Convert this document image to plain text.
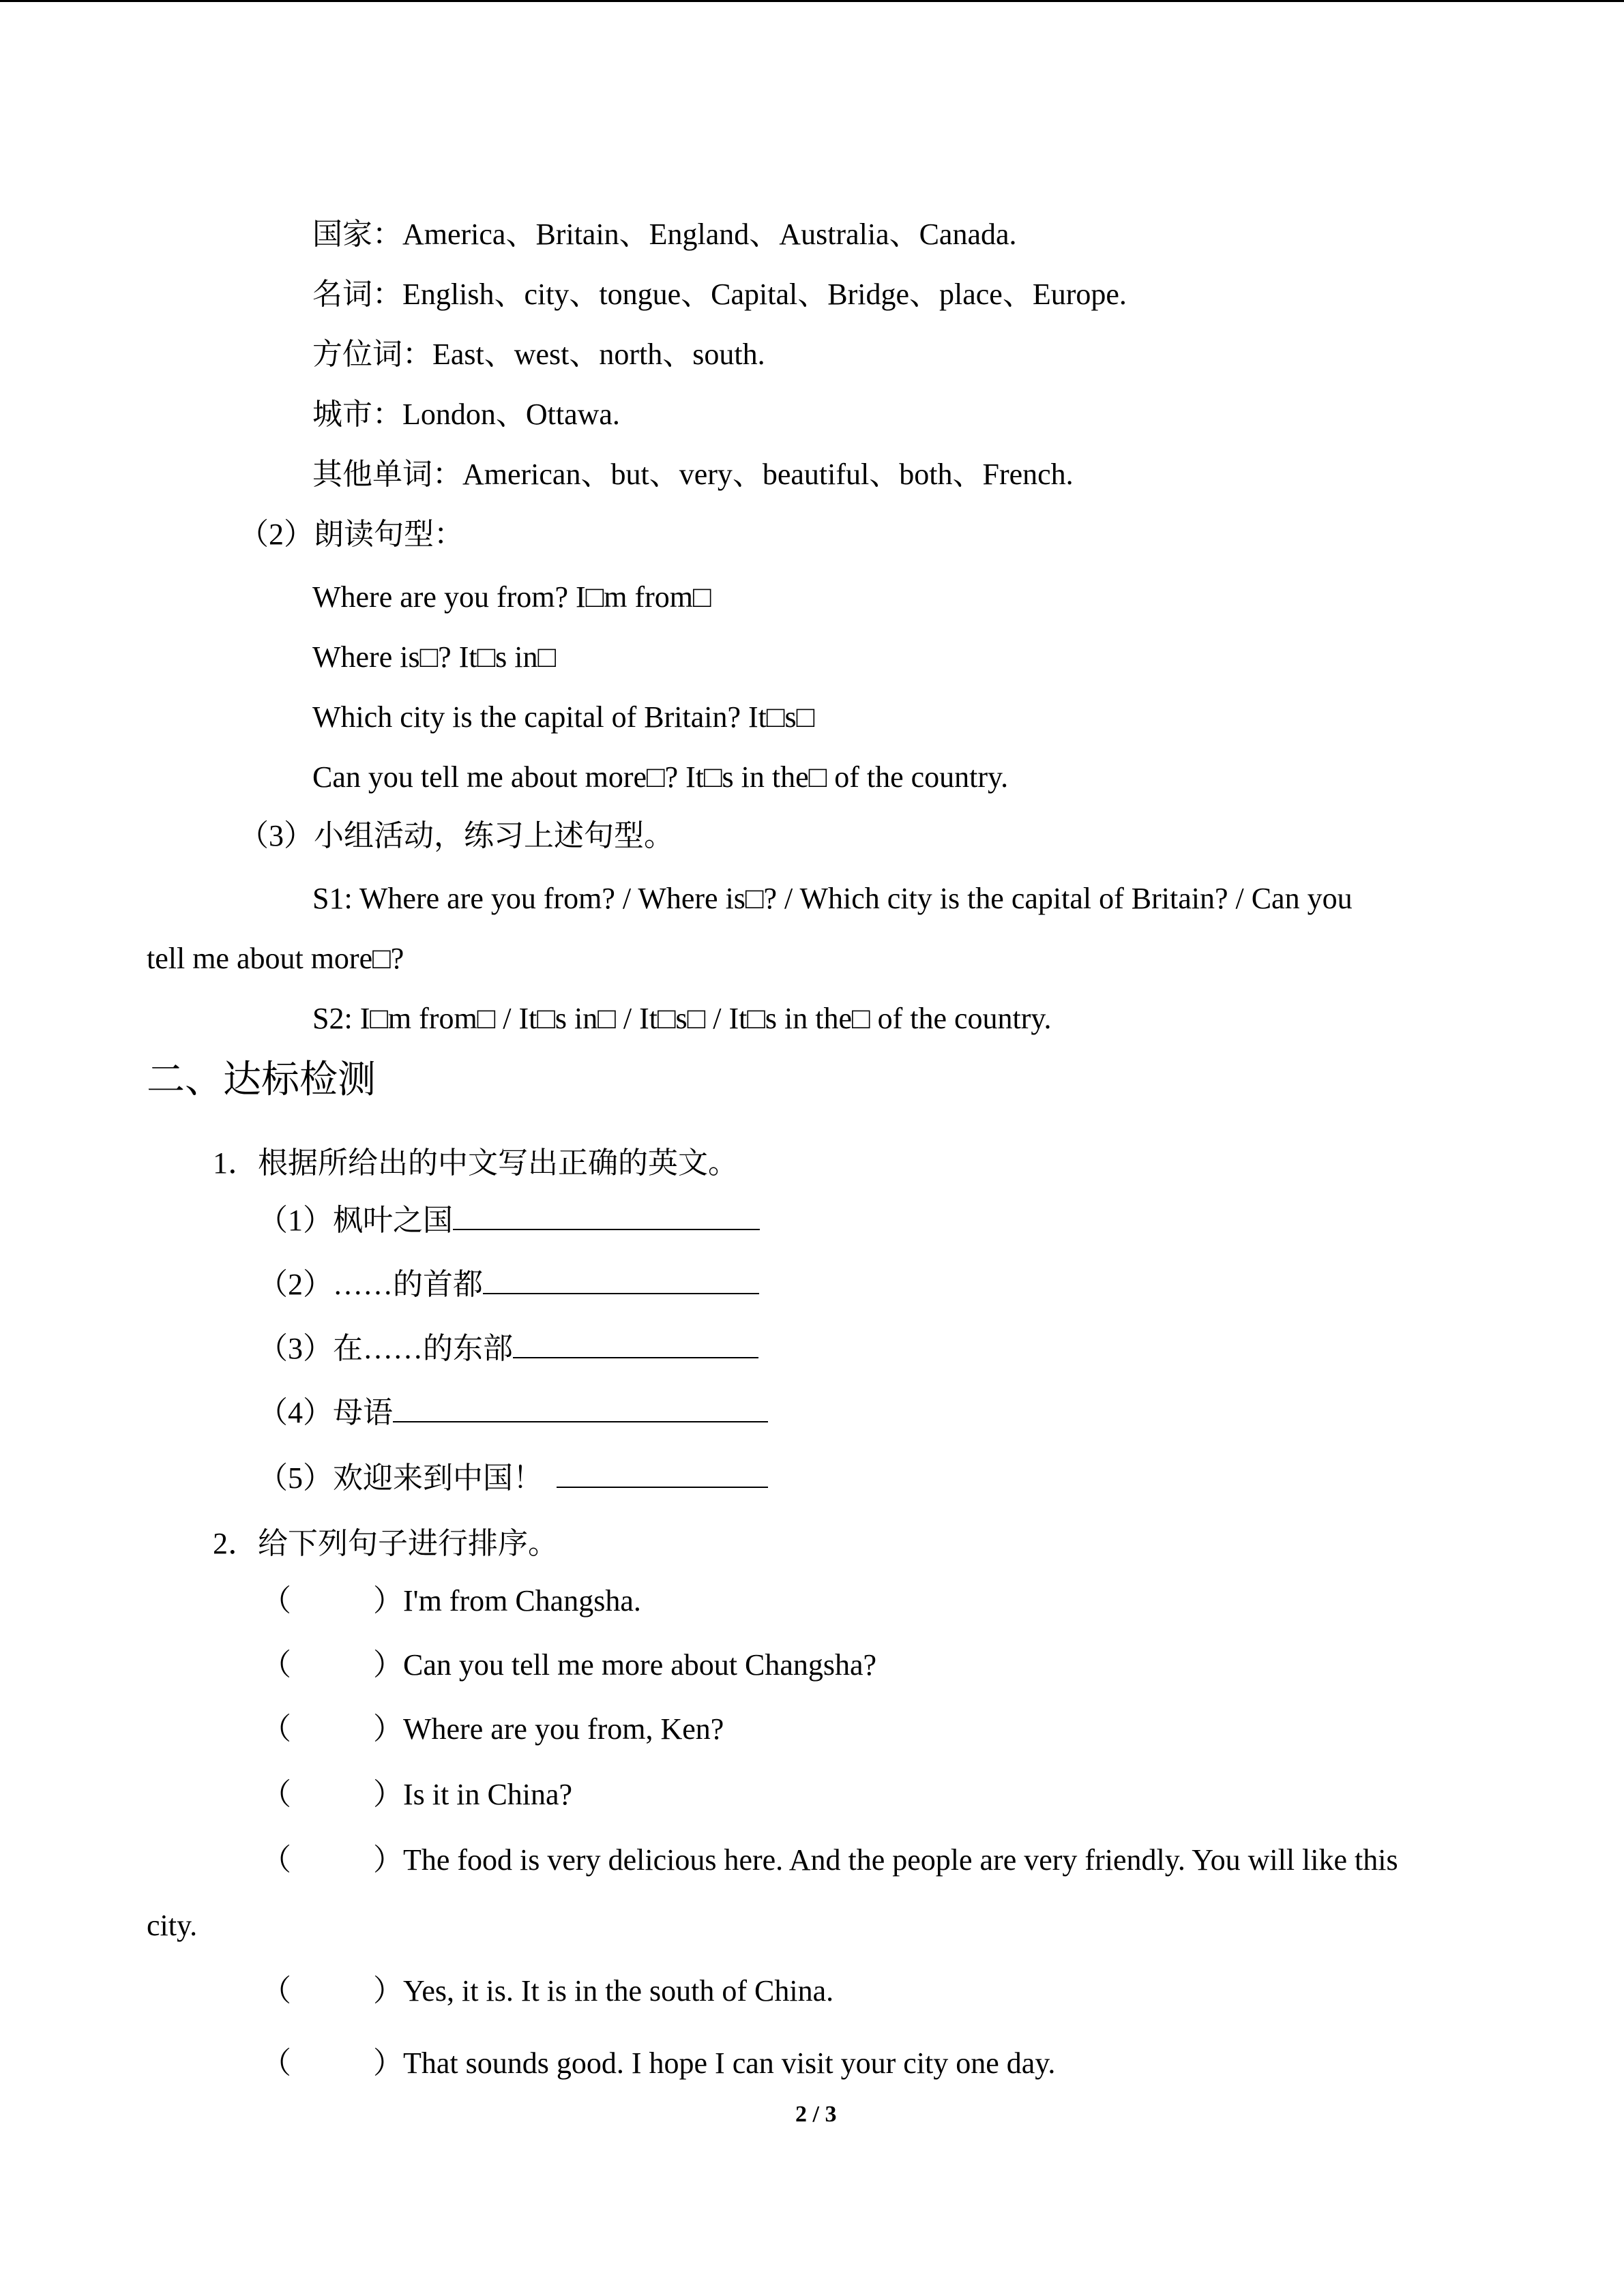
国家：America、Britain、England、Australia、Canada.
名词：English、city、tongue、Capital、Bridge、place、Europe.
方位词：East、west、north、south.
城市：London、Ottawa.
其他单词：American、but、very、beautiful、both、French.
（2）朗读句型：
Where are you from? I□m from□
Where is□? It□s in□
Which city is the capital of Britain? It□s□
Can you tell me about more□? It□s in the□ of the country.
（3）小组活动，练习上述句型。
S1: Where are you from? / Where is□? / Which city is the capital of Britain? / Can you
tell me about more□?
S2: I□m from□ / It□s in□ / It□s□ / It□s in the□ of the country.
二、达标检测
1．根据所给出的中文写出正确的英文。
（1）枫叶之国
（2）……的首都
（3）在……的东部
（4）母语
（5）欢迎来到中国！
2．给下列句子进行排序。
（	）I'm from Changsha.
（	）Can you tell me more about Changsha?
（	）Where are you from, Ken?
（	）Is it in China?
（	）The food is very delicious here. And the people are very friendly. You will like this
city.
（	）Yes, it is. It is in the south of China.
（	）That sounds good. I hope I can visit your city one day.
2 / 3
